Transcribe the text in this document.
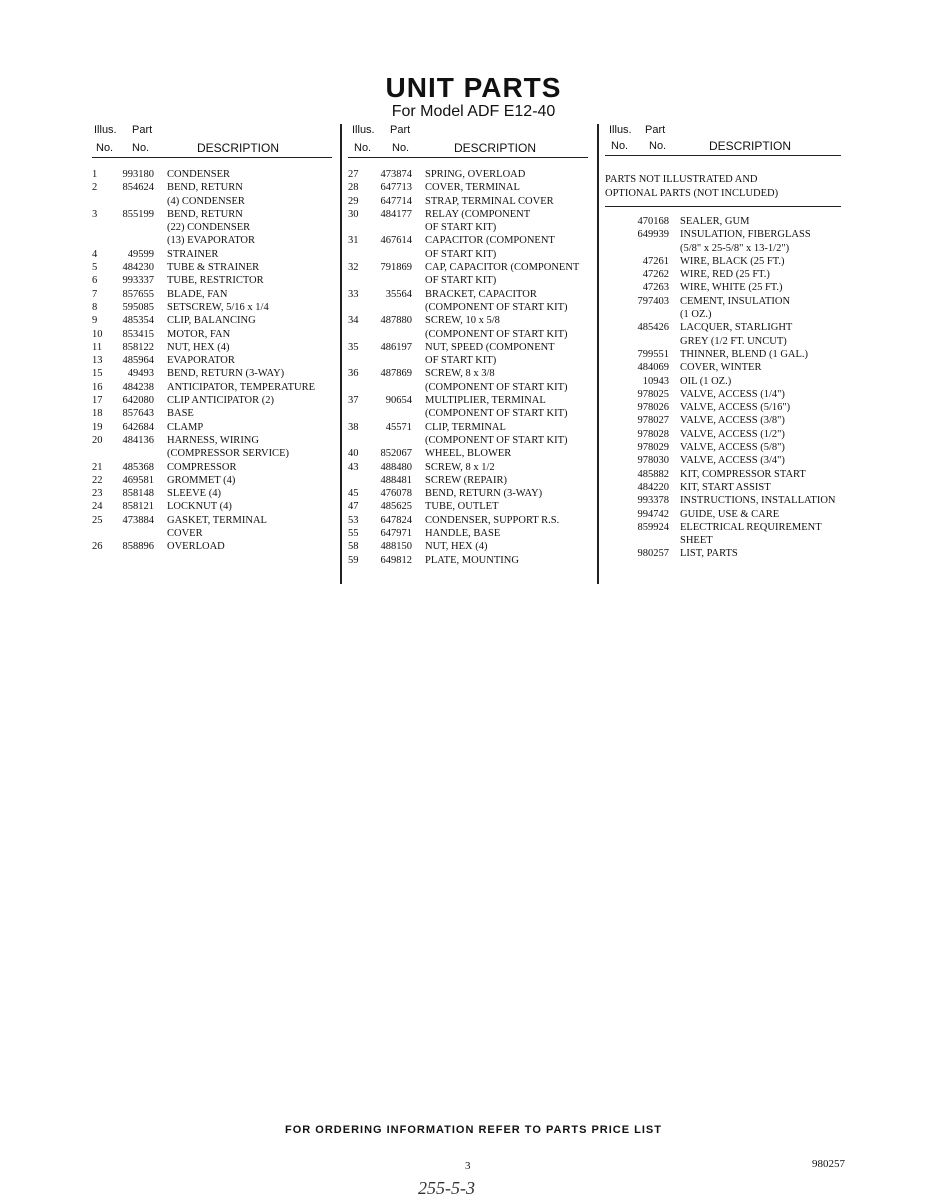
UNIT PARTS
For Model ADF E12-40
Illus. Part
No. No.	DESCRIPTION
1	993180 CONDENSER
2	854624 BEND, RETURN
(4) CONDENSER
3	855199 BEND, RETURN
(22) CONDENSER
(13) EVAPORATOR
4	49599 STRAINER
5	484230 TUBE & STRAINER
6	993337 TUBE, RESTRICTOR
7	857655 BLADE, FAN
8	595085 SETSCREW, 5/16 x 1/4
9	485354 CLIP, BALANCING
10	853415 MOTOR, FAN
11	858122 NUT, HEX (4)
13	485964 EVAPORATOR
15	49493 BEND, RETURN (3-WAY)
16	484238 ANTICIPATOR, TEMPERATURE
17	642080 CLIP ANTICIPATOR (2)
18	857643 BASE
19	642684 CLAMP
20	484136 HARNESS, WIRING
(COMPRESSOR SERVICE)
21	485368 COMPRESSOR
22	469581 GROMMET (4)
23	858148 SLEEVE (4)
24	858121 LOCKNUT (4)
25	473884 GASKET, TERMINAL
COVER
26	858896 OVERLOAD
Illus. Part
No. No.	DESCRIPTION
27	473874 SPRING, OVERLOAD
28	647713 COVER, TERMINAL
29	647714 STRAP, TERMINAL COVER
30	484177 RELAY (COMPONENT
OF START KIT)
31	467614 CAPACITOR (COMPONENT
OF START KIT)
32	791869 CAP, CAPACITOR (COMPONENT
OF START KIT)
33	35564 BRACKET, CAPACITOR
(COMPONENT OF START KIT)
34	487880 SCREW, 10 x 5/8
(COMPONENT OF START KIT)
35	486197 NUT, SPEED (COMPONENT
OF START KIT)
36	487869 SCREW, 8 x 3/8
(COMPONENT OF START KIT)
37	90654 MULTIPLIER, TERMINAL
(COMPONENT OF START KIT)
38	45571 CLIP, TERMINAL
(COMPONENT OF START KIT)
40	852067 WHEEL, BLOWER
43	488480 SCREW, 8 x 1/2
488481 SCREW (REPAIR)
45	476078 BEND, RETURN (3-WAY)
47	485625 TUBE, OUTLET
53	647824 CONDENSER, SUPPORT R.S.
55	647971 HANDLE, BASE
58	488150 NUT, HEX (4)
59	649812 PLATE, MOUNTING
Illus. Part
No. No.	DESCRIPTION
PARTS NOT ILLUSTRATED AND
OPTIONAL PARTS (NOT INCLUDED)
470168 SEALER, GUM
649939 INSULATION, FIBERGLASS
(5/8" x 25-5/8" x 13-1/2")
47261 WIRE, BLACK (25 FT.)
47262 WIRE, RED (25 FT.)
47263 WIRE, WHITE (25 FT.)
797403 CEMENT, INSULATION
(1 OZ.)
485426 LACQUER, STARLIGHT
GREY (1/2 FT. UNCUT)
799551 THINNER, BLEND (1 GAL.)
484069 COVER, WINTER
10943 OIL (1 OZ.)
978025 VALVE, ACCESS (1/4")
978026 VALVE, ACCESS (5/16")
978027 VALVE, ACCESS (3/8")
978028 VALVE, ACCESS (1/2")
978029 VALVE, ACCESS (5/8")
978030 VALVE, ACCESS (3/4")
485882 KIT, COMPRESSOR START
484220 KIT, START ASSIST
993378 INSTRUCTIONS, INSTALLATION
994742 GUIDE, USE & CARE
859924 ELECTRICAL REQUIREMENT
SHEET
980257 LIST, PARTS
FOR ORDERING INFORMATION REFER TO PARTS PRICE LIST
3	980257
255-5-3
